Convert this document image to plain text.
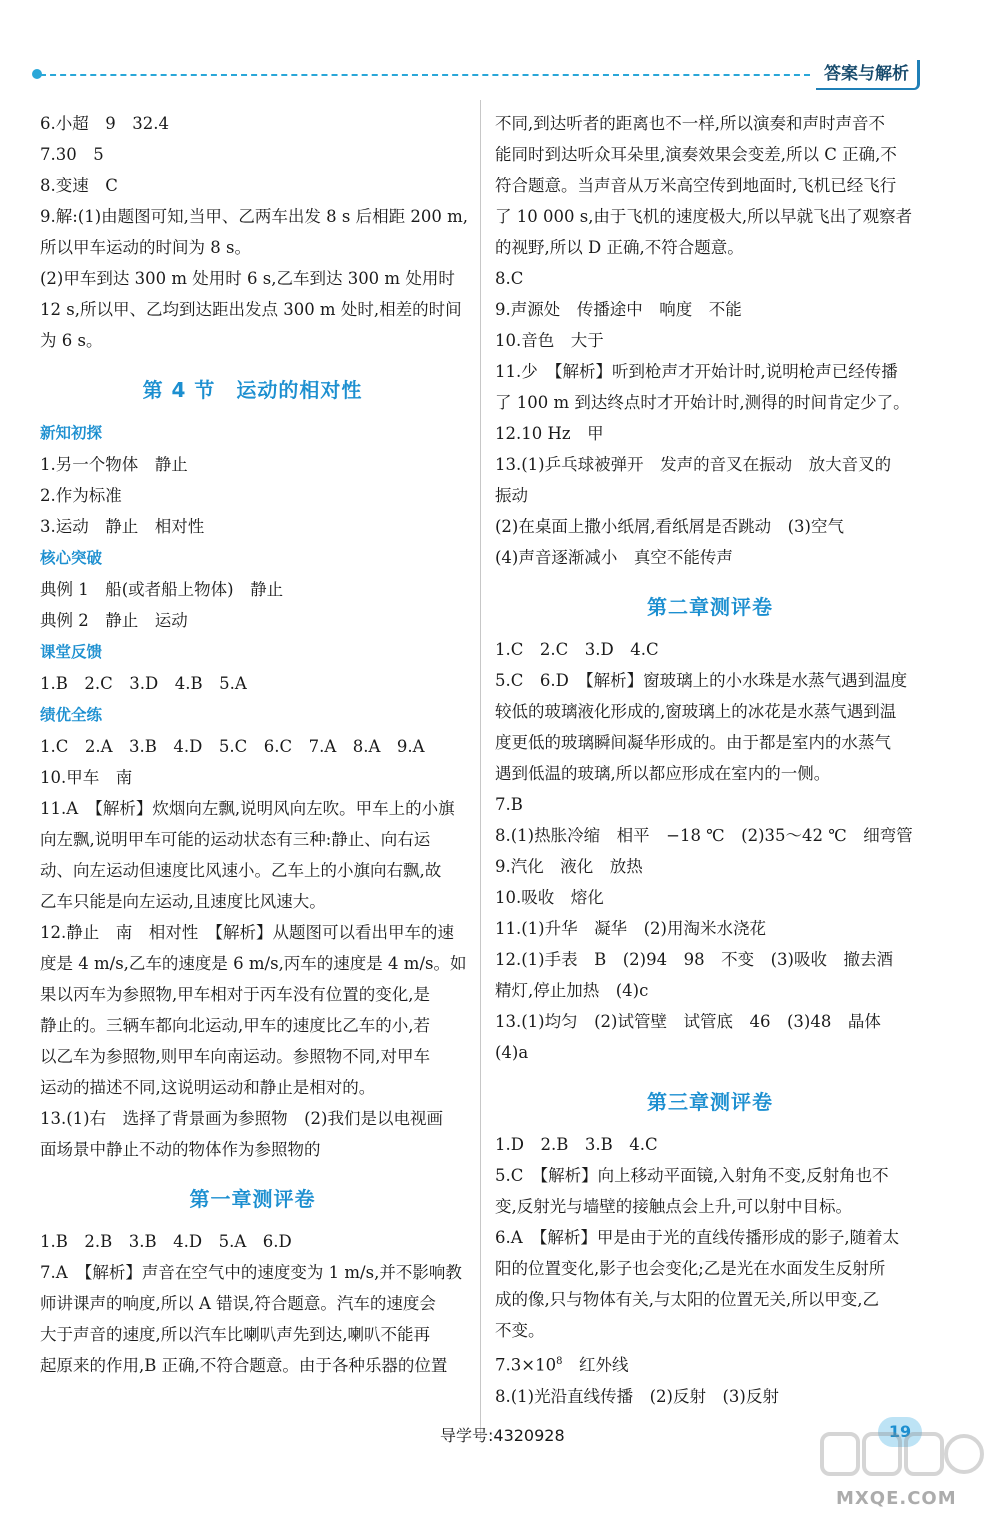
答案与解析
6.小超　9　32.4
7.30　5
8.变速　C
9.解:(1)由题图可知,当甲、乙两车出发 8 s 后相距 200 m,
所以甲车运动的时间为 8 s。
(2)甲车到达 300 m 处用时 6 s,乙车到达 300 m 处用时
12 s,所以甲、乙均到达距出发点 300 m 处时,相差的时间
为 6 s。
第 4 节　运动的相对性
新知初探
1.另一个物体　静止
2.作为标准
3.运动　静止　相对性
核心突破
典例 1　船(或者船上物体)　静止
典例 2　静止　运动
课堂反馈
1.B　2.C　3.D　4.B　5.A
绩优全练
1.C　2.A　3.B　4.D　5.C　6.C　7.A　8.A　9.A
10.甲车　南
11.A　【解析】炊烟向左飘,说明风向左吹。甲车上的小旗
向左飘,说明甲车可能的运动状态有三种:静止、向右运
动、向左运动但速度比风速小。乙车上的小旗向右飘,故
乙车只能是向左运动,且速度比风速大。
12.静止　南　相对性　【解析】从题图可以看出甲车的速
度是 4 m/s,乙车的速度是 6 m/s,丙车的速度是 4 m/s。如
果以丙车为参照物,甲车相对于丙车没有位置的变化,是
静止的。三辆车都向北运动,甲车的速度比乙车的小,若
以乙车为参照物,则甲车向南运动。参照物不同,对甲车
运动的描述不同,这说明运动和静止是相对的。
13.(1)右　选择了背景画为参照物　(2)我们是以电视画
面场景中静止不动的物体作为参照物的
第一章测评卷
1.B　2.B　3.B　4.D　5.A　6.D
7.A　【解析】声音在空气中的速度变为 1 m/s,并不影响教
师讲课声的响度,所以 A 错误,符合题意。汽车的速度会
大于声音的速度,所以汽车比喇叭声先到达,喇叭不能再
起原来的作用,B 正确,不符合题意。由于各种乐器的位置
不同,到达听者的距离也不一样,所以演奏和声时声音不
能同时到达听众耳朵里,演奏效果会变差,所以 C 正确,不
符合题意。当声音从万米高空传到地面时,飞机已经飞行
了 10 000 s,由于飞机的速度极大,所以早就飞出了观察者
的视野,所以 D 正确,不符合题意。
8.C
9.声源处　传播途中　响度　不能
10.音色　大于
11.少　【解析】听到枪声才开始计时,说明枪声已经传播
了 100 m 到达终点时才开始计时,测得的时间肯定少了。
12.10 Hz　甲
13.(1)乒乓球被弹开　发声的音叉在振动　放大音叉的
振动
(2)在桌面上撒小纸屑,看纸屑是否跳动　(3)空气
(4)声音逐渐减小　真空不能传声
第二章测评卷
1.C　2.C　3.D　4.C
5.C　6.D　【解析】窗玻璃上的小水珠是水蒸气遇到温度
较低的玻璃液化形成的,窗玻璃上的冰花是水蒸气遇到温
度更低的玻璃瞬间凝华形成的。由于都是室内的水蒸气
遇到低温的玻璃,所以都应形成在室内的一侧。
7.B
8.(1)热胀冷缩　相平　−18 ℃　(2)35～42 ℃　细弯管
9.汽化　液化　放热
10.吸收　熔化
11.(1)升华　凝华　(2)用淘米水浇花
12.(1)手表　B　(2)94　98　不变　(3)吸收　撤去酒
精灯,停止加热　(4)c
13.(1)均匀　(2)试管壁　试管底　46　(3)48　晶体
(4)a
第三章测评卷
1.D　2.B　3.B　4.C
5.C　【解析】向上移动平面镜,入射角不变,反射角也不
变,反射光与墙壁的接触点会上升,可以射中目标。
6.A　【解析】甲是由于光的直线传播形成的影子,随着太
阳的位置变化,影子也会变化;乙是光在水面发生反射所
成的像,只与物体有关,与太阳的位置无关,所以甲变,乙
不变。
$7.3\times 10^8$　红外线
8.(1)光沿直线传播　(2)反射　(3)反射
导学号:4320928	19
MXQE.COM
